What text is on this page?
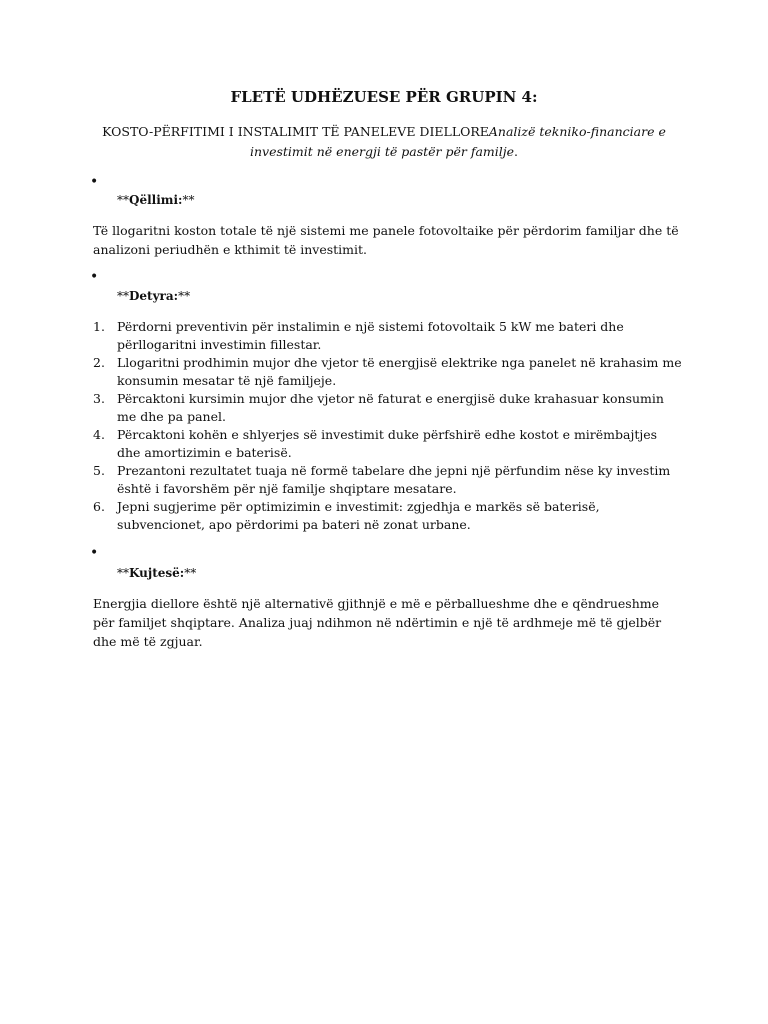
FLETË UDHËZUESE PËR GRUPIN 4:

KOSTO-PËRFITIMI I INSTALIMIT TË PANELEVE DIELLOREAnalizë tekniko-financiare e investimit në energji të pastër për familje.

•
**Qëllimi:**

Të llogaritni koston totale të një sistemi me panele fotovoltaike për përdorim familjar dhe të analizoni periudhën e kthimit të investimit.

•
**Detyra:**
1. Përdorni preventivin për instalimin e një sistemi fotovoltaik 5 kW me bateri dhe përllogaritni investimin fillestar.
2. Llogaritni prodhimin mujor dhe vjetor të energjisë elektrike nga panelet në krahasim me konsumin mesatar të një familjeje.
3. Përcaktoni kursimin mujor dhe vjetor në faturat e energjisë duke krahasuar konsumin me dhe pa panel.
4. Përcaktoni kohën e shlyerjes së investimit duke përfshirë edhe kostot e mirëmbajtjes dhe amortizimin e baterisë.
5. Prezantoni rezultatet tuaja në formë tabelare dhe jepni një përfundim nëse ky investim është i favorshëm për një familje shqiptare mesatare.
6. Jepni sugjerime për optimizimin e investimit: zgjedhja e markës së baterisë, subvencionet, apo përdorimi pa bateri në zonat urbane.
•
**Kujtesë:**

Energjia diellore është një alternativë gjithnjë e më e përballueshme dhe e qëndrueshme për familjet shqiptare. Analiza juaj ndihmon në ndërtimin e një të ardhmeje më të gjelbër dhe më të zgjuar.
